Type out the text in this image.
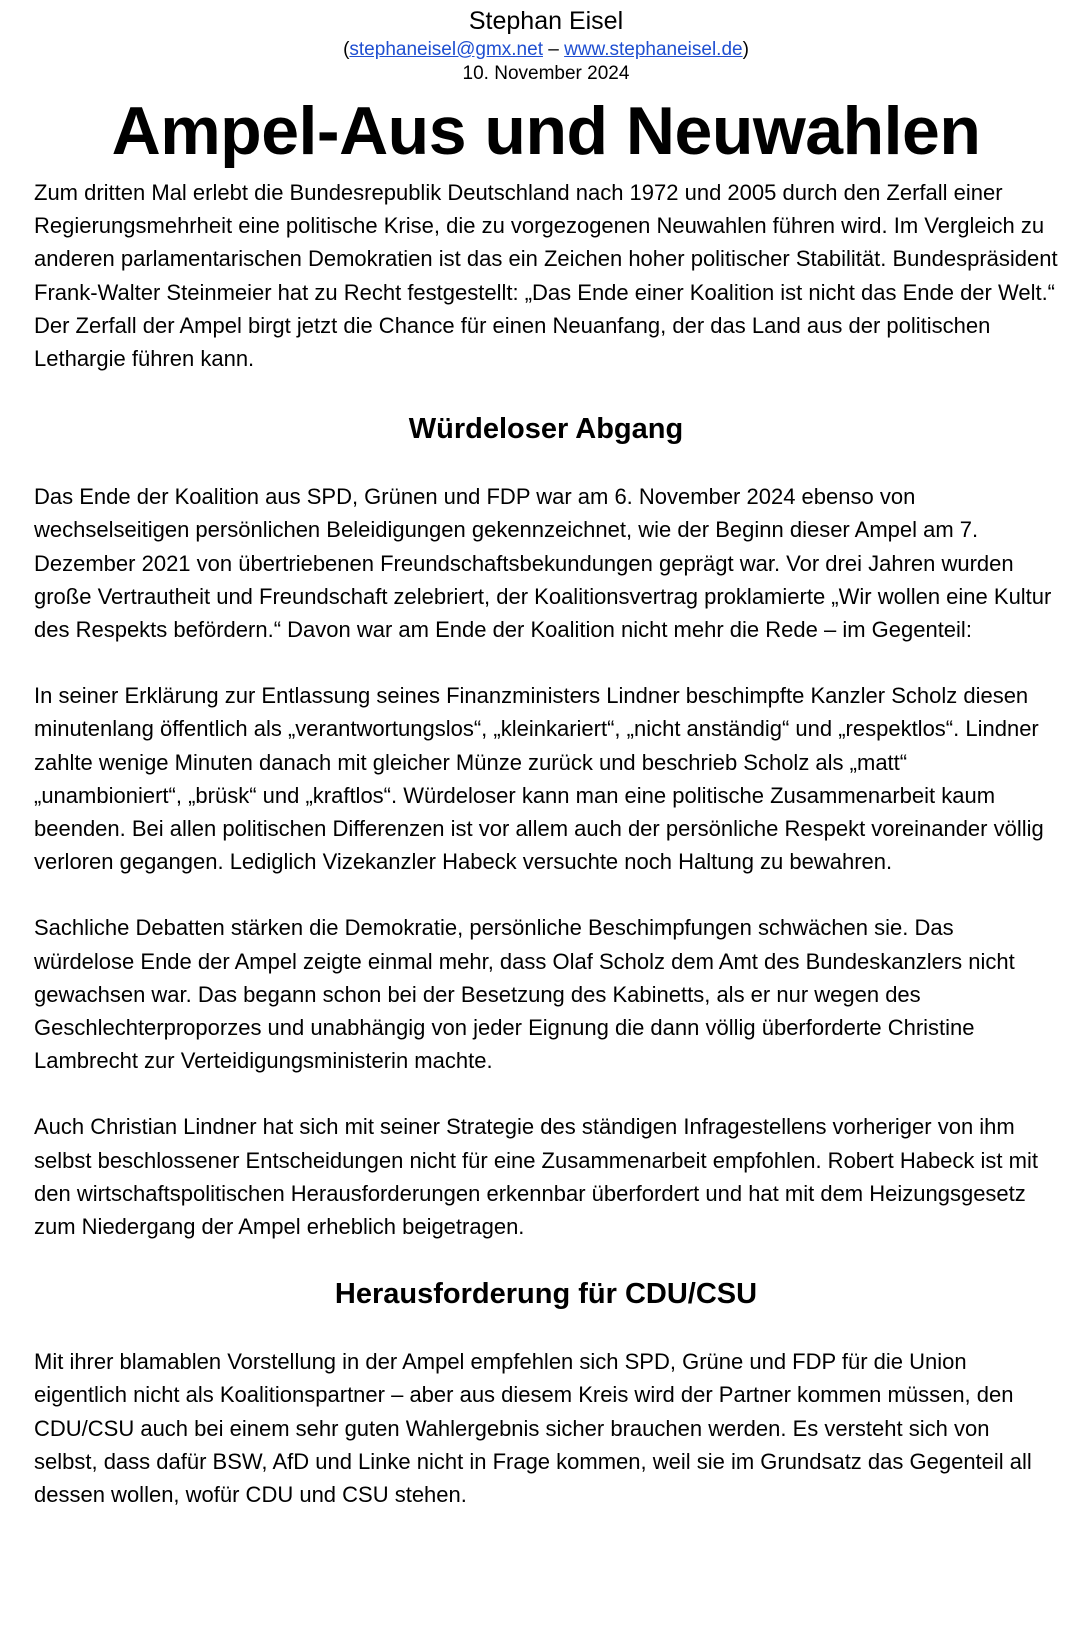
Stephan Eisel
(stephaneisel@gmx.net – www.stephaneisel.de)
10. November 2024
Ampel-Aus und Neuwahlen

Zum dritten Mal erlebt die Bundesrepublik Deutschland nach 1972 und 2005 durch den Zerfall einer Regierungsmehrheit eine politische Krise, die zu vorgezogenen Neuwahlen führen wird. Im Vergleich zu anderen parlamentarischen Demokratien ist das ein Zeichen hoher politischer Stabilität. Bundespräsident Frank-Walter Steinmeier hat zu Recht festgestellt: „Das Ende einer Koalition ist nicht das Ende der Welt.“ Der Zerfall der Ampel birgt jetzt die Chance für einen Neuanfang, der das Land aus der politischen Lethargie führen kann.

Würdeloser Abgang

Das Ende der Koalition aus SPD, Grünen und FDP war am 6. November 2024 ebenso von wechselseitigen persönlichen Beleidigungen gekennzeichnet, wie der Beginn dieser Ampel am 7. Dezember 2021 von übertriebenen Freundschaftsbekundungen geprägt war. Vor drei Jahren wurden große Vertrautheit und Freundschaft zelebriert, der Koalitionsvertrag proklamierte „Wir wollen eine Kultur des Respekts befördern.“ Davon war am Ende der Koalition nicht mehr die Rede – im Gegenteil:

In seiner Erklärung zur Entlassung seines Finanzministers Lindner beschimpfte Kanzler Scholz diesen minutenlang öffentlich als „verantwortungslos“, „kleinkariert“, „nicht anständig“ und „respektlos“. Lindner zahlte wenige Minuten danach mit gleicher Münze zurück und beschrieb Scholz als „matt“ „unambioniert“, „brüsk“ und „kraftlos“. Würdeloser kann man eine politische Zusammenarbeit kaum beenden. Bei allen politischen Differenzen ist vor allem auch der persönliche Respekt voreinander völlig verloren gegangen. Lediglich Vizekanzler Habeck versuchte noch Haltung zu bewahren.

Sachliche Debatten stärken die Demokratie, persönliche Beschimpfungen schwächen sie. Das würdelose Ende der Ampel zeigte einmal mehr, dass Olaf Scholz dem Amt des Bundeskanzlers nicht gewachsen war. Das begann schon bei der Besetzung des Kabinetts, als er nur wegen des Geschlechterproporzes und unabhängig von jeder Eignung die dann völlig überforderte Christine Lambrecht zur Verteidigungsministerin machte.

Auch Christian Lindner hat sich mit seiner Strategie des ständigen Infragestellens vorheriger von ihm selbst beschlossener Entscheidungen nicht für eine Zusammenarbeit empfohlen. Robert Habeck ist mit den wirtschaftspolitischen Herausforderungen erkennbar überfordert und hat mit dem Heizungsgesetz zum Niedergang der Ampel erheblich beigetragen.

Herausforderung für CDU/CSU

Mit ihrer blamablen Vorstellung in der Ampel empfehlen sich SPD, Grüne und FDP für die Union eigentlich nicht als Koalitionspartner – aber aus diesem Kreis wird der Partner kommen müssen, den CDU/CSU auch bei einem sehr guten Wahlergebnis sicher brauchen werden. Es versteht sich von selbst, dass dafür BSW, AfD und Linke nicht in Frage kommen, weil sie im Grundsatz das Gegenteil all dessen wollen, wofür CDU und CSU stehen.
